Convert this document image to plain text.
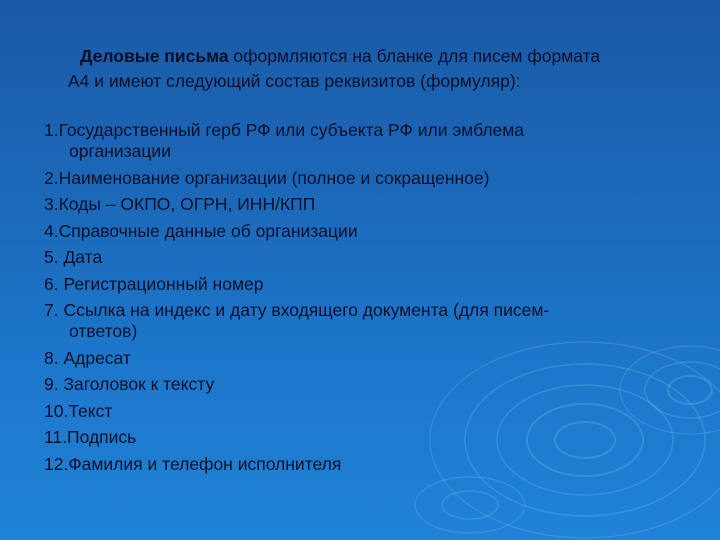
Деловые письма оформляются на бланке для писем формата
А4 и имеют следующий состав реквизитов (формуляр):
1.Государственный герб РФ или субъекта РФ или эмблема
организации
2.Наименование организации (полное и сокращенное)
3.Коды – ОКПО, ОГРН, ИНН/КПП
4.Справочные данные об организации
5. Дата
6. Регистрационный номер
7. Ссылка на индекс и дату входящего документа (для писем-
ответов)
8. Адресат
9. Заголовок к тексту
10.Текст
11.Подпись
12.Фамилия и телефон исполнителя
